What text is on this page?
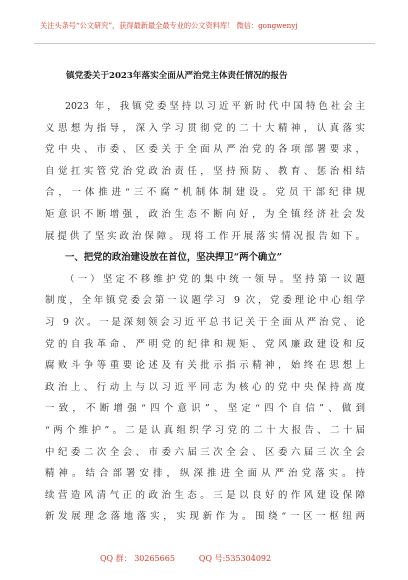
关注头条号“公文研究”，获得最新最全最专业的公文资料库！ 微信：gongwenyj
镇党委关于2023年落实全面从严治党主体责任情况的报告
2023 年，我镇党委坚持以习近平新时代中国特色社会主
义思想为指导，深入学习贯彻党的二十大精神，认真落实
党中央、市委、区委关于全面从严治党的各项部署要求，
自觉扛实管党治党政治责任，坚持预防、教育、惩治相结
合，一体推进“三不腐”机制体制建设。党员干部纪律规
矩意识不断增强，政治生态不断向好，为全镇经济社会发
展提供了坚实政治保障。现将工作开展落实情况报告如下。
一、把党的政治建设放在首位，坚决捍卫“两个确立”
（一）坚定不移维护党的集中统一领导。坚持第一议题
制度，全年镇党委会第一议题学习 9 次，党委理论中心组学
习 9 次。一是深刻领会习近平总书记关于全面从严治党、论
党的自我革命、严明党的纪律和规矩、党风廉政建设和反
腐败斗争等重要论述及有关批示指示精神，始终在思想上
政治上、行动上与以习近平同志为核心的党中央保持高度
一致，不断增强“四个意识”、坚定“四个自信”、做到
“两个维护”。二是认真组织学习党的二十大报告、二十届
中纪委二次全会、市委六届三次全会、区委六届三次全会
精神。结合部署安排，纵深推进全面从严治党落实。持
续营造风清气正的政治生态。三是以良好的作风建设保障
新发展理念落地落实，实现新作为。围绕“一区一枢纽两
QQ 群： 30265665	QQ 号:535304092
